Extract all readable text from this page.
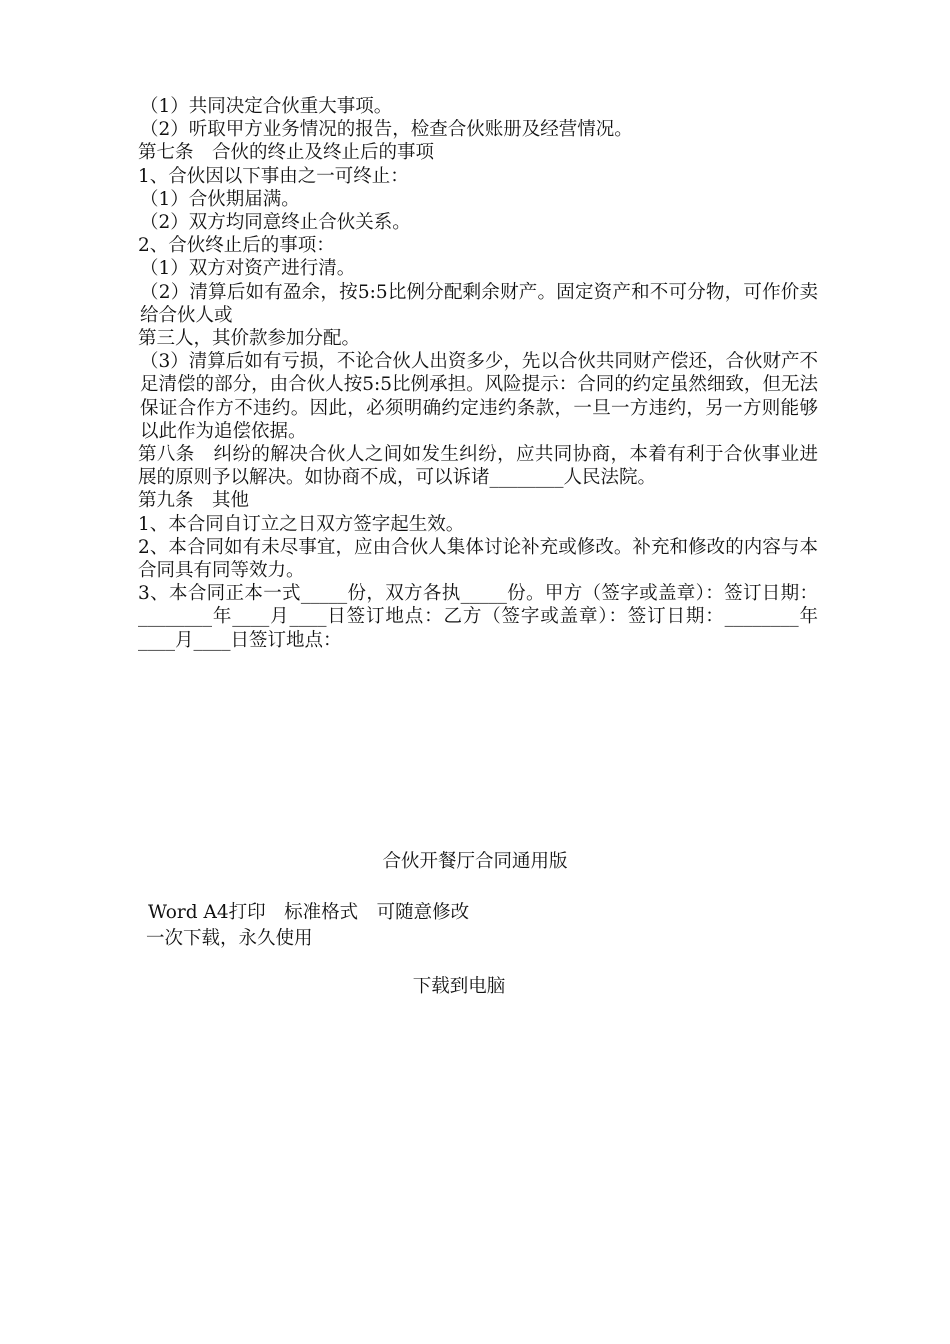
（1）共同决定合伙重大事项。

（2）听取甲方业务情况的报告，检查合伙账册及经营情况。

第七条　合伙的终止及终止后的事项

1、合伙因以下事由之一可终止：

（1）合伙期届满。

（2）双方均同意终止合伙关系。

2、合伙终止后的事项：

（1）双方对资产进行清。

（2）清算后如有盈余，按5:5比例分配剩余财产。固定资产和不可分物，可作价卖给合伙人或

第三人，其价款参加分配。

（3）清算后如有亏损，不论合伙人出资多少，先以合伙共同财产偿还，合伙财产不足清偿的部分，由合伙人按5:5比例承担。风险提示：合同的约定虽然细致，但无法保证合作方不违约。因此，必须明确约定违约条款，一旦一方违约，另一方则能够以此作为追偿依据。

第八条　纠纷的解决合伙人之间如发生纠纷，应共同协商，本着有利于合伙事业进展的原则予以解决。如协商不成，可以诉诸________人民法院。

第九条　其他

1、本合同自订立之日双方签字起生效。

2、本合同如有未尽事宜，应由合伙人集体讨论补充或修改。补充和修改的内容与本合同具有同等效力。

3、本合同正本一式_____份，双方各执_____份。甲方（签字或盖章）：签订日期：________年____月____日签订地点：乙方（签字或盖章）：签订日期：________年____月____日签订地点：

合伙开餐厅合同通用版
Word A4打印　标准格式　可随意修改
一次下载，永久使用
下载到电脑
